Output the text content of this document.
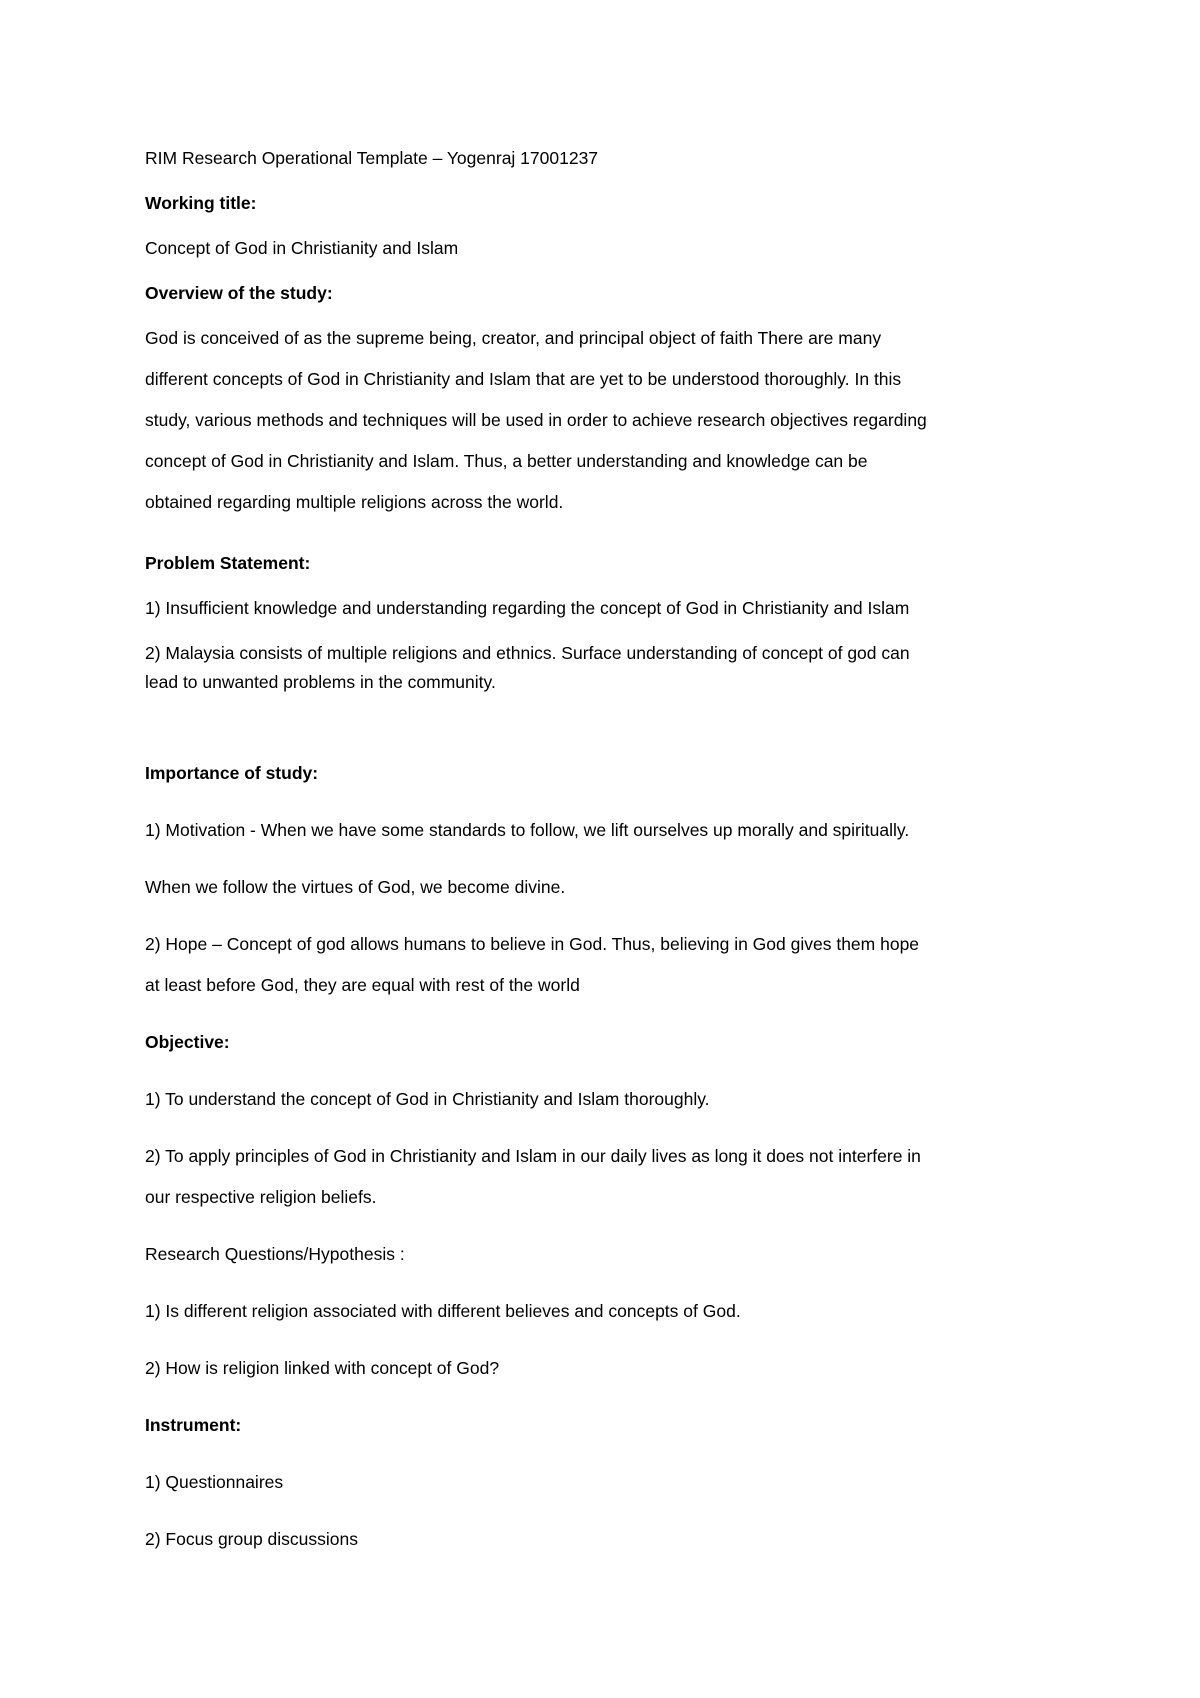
RIM Research Operational Template – Yogenraj 17001237
Working title:
Concept of God in Christianity and Islam
Overview of the study:
God is conceived of as the supreme being, creator, and principal object of faith There are many
different concepts of God in Christianity and Islam that are yet to be understood thoroughly. In this
study, various methods and techniques will be used in order to achieve research objectives regarding
concept of God in Christianity and Islam. Thus, a better understanding and knowledge can be
obtained regarding multiple religions across the world.
Problem Statement:
1) Insufficient knowledge and understanding regarding the concept of God in Christianity and Islam
2) Malaysia consists of multiple religions and ethnics. Surface understanding of concept of god can
lead to unwanted problems in the community.
Importance of study:
1) Motivation - When we have some standards to follow, we lift ourselves up morally and spiritually.
When we follow the virtues of God, we become divine.
2) Hope – Concept of god allows humans to believe in God. Thus, believing in God gives them hope
at least before God, they are equal with rest of the world
Objective:
1) To understand the concept of God in Christianity and Islam thoroughly.
2) To apply principles of God in Christianity and Islam in our daily lives as long it does not interfere in
our respective religion beliefs.
Research Questions/Hypothesis :
1) Is different religion associated with different believes and concepts of God.
2) How is religion linked with concept of God?
Instrument:
1) Questionnaires
2) Focus group discussions
